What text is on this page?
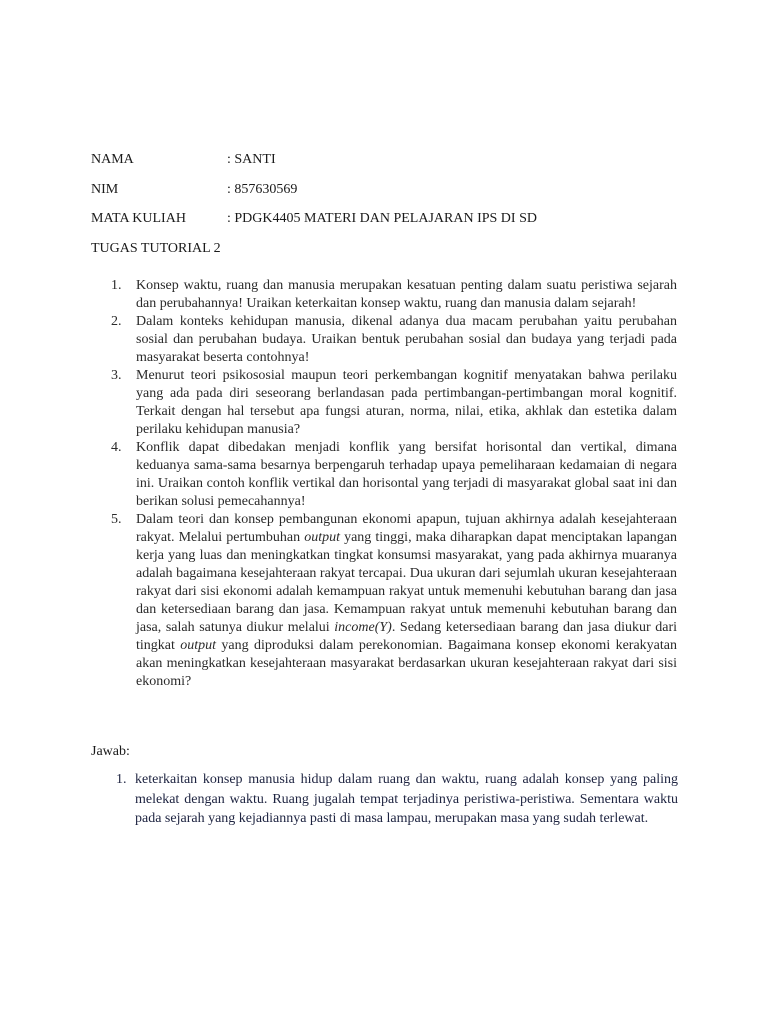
NAMA	: SANTI
NIM	: 857630569
MATA KULIAH	: PDGK4405 MATERI DAN PELAJARAN IPS DI SD
TUGAS TUTORIAL 2
1.	Konsep waktu, ruang dan manusia merupakan kesatuan penting dalam suatu peristiwa sejarah dan perubahannya! Uraikan keterkaitan konsep waktu, ruang dan manusia dalam sejarah!
2.	Dalam konteks kehidupan manusia, dikenal adanya dua macam perubahan yaitu perubahan sosial dan perubahan budaya. Uraikan bentuk perubahan sosial dan budaya yang terjadi pada masyarakat beserta contohnya!
3.	Menurut teori psikososial maupun teori perkembangan kognitif menyatakan bahwa perilaku yang ada pada diri seseorang berlandasan pada pertimbangan-pertimbangan moral kognitif. Terkait dengan hal tersebut apa fungsi aturan, norma, nilai, etika, akhlak dan estetika dalam perilaku kehidupan manusia?
4.	Konflik dapat dibedakan menjadi konflik yang bersifat horisontal dan vertikal, dimana keduanya sama-sama besarnya berpengaruh terhadap upaya pemeliharaan kedamaian di negara ini. Uraikan contoh konflik vertikal dan horisontal yang terjadi di masyarakat global saat ini dan berikan solusi pemecahannya!
5.	Dalam teori dan konsep pembangunan ekonomi apapun, tujuan akhirnya adalah kesejahteraan rakyat. Melalui pertumbuhan output yang tinggi, maka diharapkan dapat menciptakan lapangan kerja yang luas dan meningkatkan tingkat konsumsi masyarakat, yang pada akhirnya muaranya adalah bagaimana kesejahteraan rakyat tercapai. Dua ukuran dari sejumlah ukuran kesejahteraan rakyat dari sisi ekonomi adalah kemampuan rakyat untuk memenuhi kebutuhan barang dan jasa dan ketersediaan barang dan jasa. Kemampuan rakyat untuk memenuhi kebutuhan barang dan jasa, salah satunya diukur melalui income(Y). Sedang ketersediaan barang dan jasa diukur dari tingkat output yang diproduksi dalam perekonomian. Bagaimana konsep ekonomi kerakyatan akan meningkatkan kesejahteraan masyarakat berdasarkan ukuran kesejahteraan rakyat dari sisi ekonomi?
Jawab:
1. keterkaitan konsep manusia hidup dalam ruang dan waktu, ruang adalah konsep yang paling melekat dengan waktu. Ruang jugalah tempat terjadinya peristiwa-peristiwa. Sementara waktu pada sejarah yang kejadiannya pasti di masa lampau, merupakan masa yang sudah terlewat.
